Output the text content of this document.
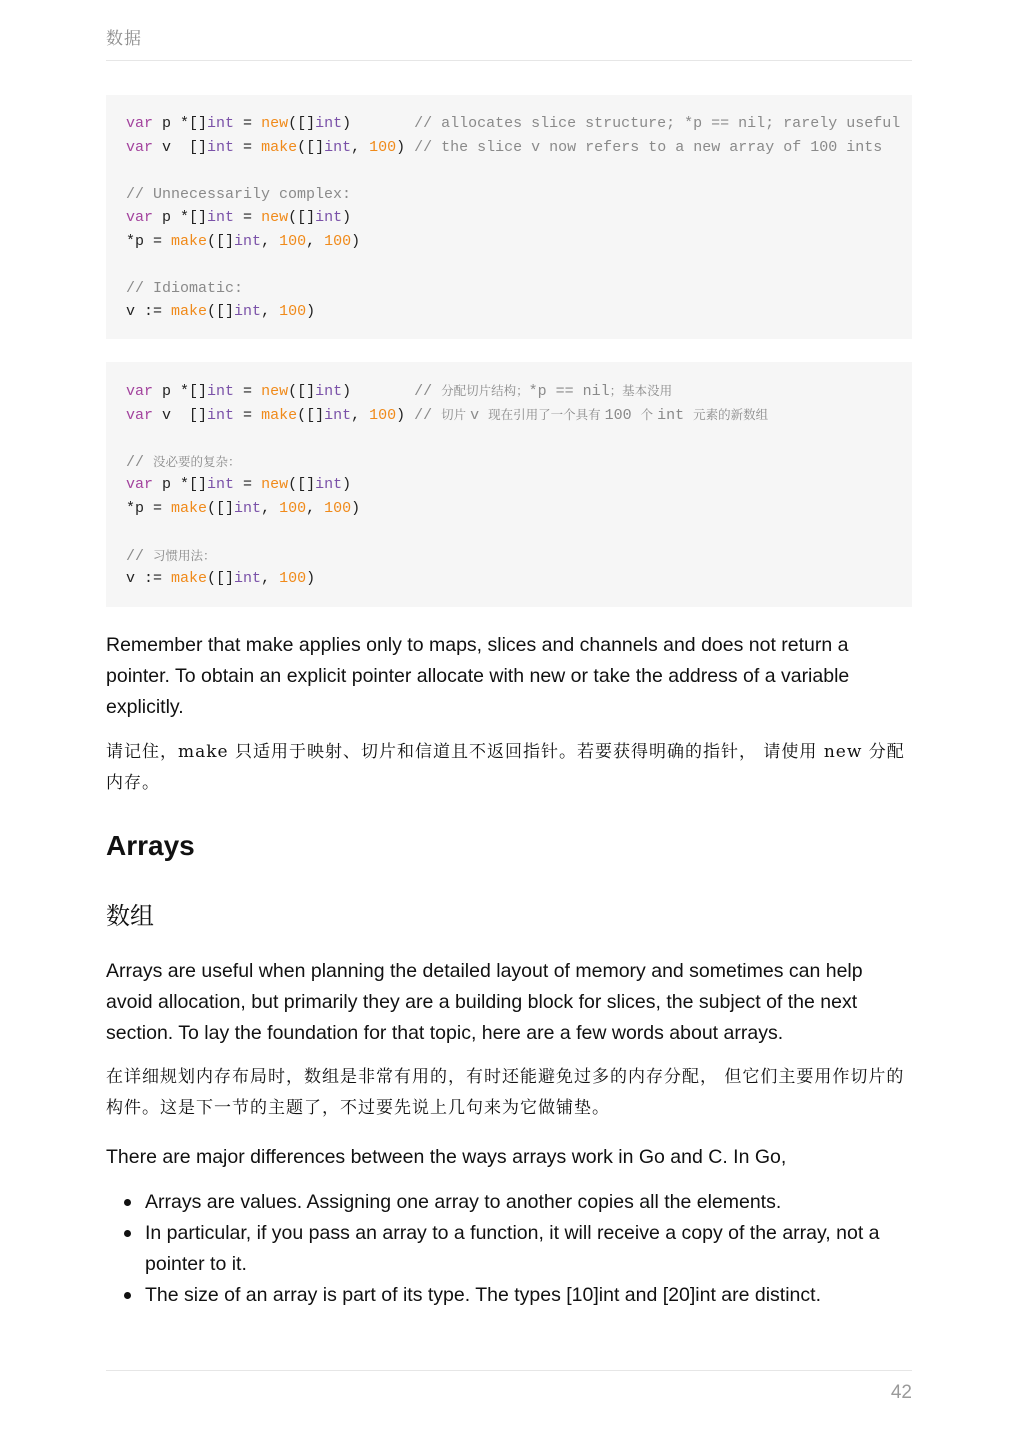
数据
var p *[]int = new([]int)       // allocates slice structure; *p == nil; rarely useful
var v  []int = make([]int, 100) // the slice v now refers to a new array of 100 ints
// Unnecessarily complex:
var p *[]int = new([]int)
*p = make([]int, 100, 100)
// Idiomatic:
v := make([]int, 100)
var p *[]int = new([]int)       // 分配切片结构；*p == nil；基本没用
var v  []int = make([]int, 100) // 切片 v 现在引用了一个具有 100 个 int 元素的新数组
// 没必要的复杂：
var p *[]int = new([]int)
*p = make([]int, 100, 100)
// 习惯用法：
v := make([]int, 100)

Remember that make applies only to maps, slices and channels and does not return a pointer. To obtain an explicit pointer allocate with new or take the address of a variable explicitly.

请记住，make 只适用于映射、切片和信道且不返回指针。若要获得明确的指针， 请使用 new 分配内存。

Arrays
数组

Arrays are useful when planning the detailed layout of memory and sometimes can help avoid allocation, but primarily they are a building block for slices, the subject of the next section. To lay the foundation for that topic, here are a few words about arrays.

在详细规划内存布局时，数组是非常有用的，有时还能避免过多的内存分配， 但它们主要用作切片的构件。这是下一节的主题了，不过要先说上几句来为它做铺垫。

There are major differences between the ways arrays work in Go and C. In Go,

Arrays are values. Assigning one array to another copies all the elements.
In particular, if you pass an array to a function, it will receive a copy of the array, not a pointer to it.
The size of an array is part of its type. The types [10]int and [20]int are distinct.
42
